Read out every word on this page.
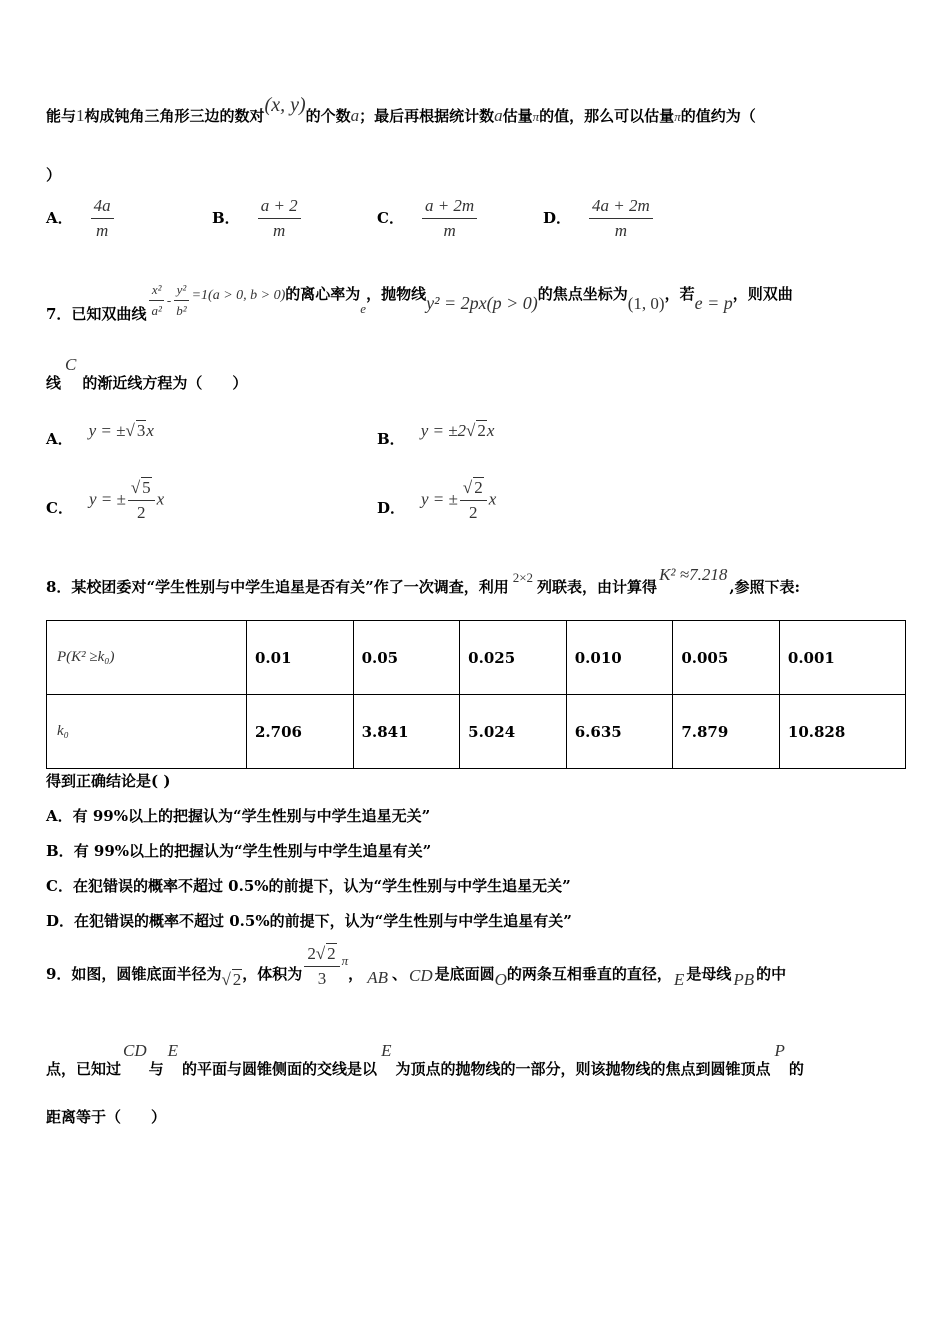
能与1构成钝角三角形三边的数对(x, y)的个数a；最后再根据统计数a估量π的值，那么可以估量π的值约为（
）
A． $\frac{4a}{m}$	B． $\frac{a + 2}{m}$	C． $\frac{a + 2m}{m}$	D． $\frac{4a + 2m}{m}$
7．已知双曲线 $\frac{\text{x²}}{\text{a²}} - \frac{\text{y²}}{\text{b²}} =1(a > 0$, b > 0)的离心率为e，抛物线y² = 2px(p > 0)的焦点坐标为(1, 0)，若e = p，则双曲
线C的渐近线方程为（　　）
A． y = ±√ 3x	B． y = ±2√ 2x
C． y = ± $\frac{√ 5}{2}$ x	D． y = ± $\frac{√ 2}{2}$ x
8．某校团委对“学生性别与中学生追星是否有关”作了一次调查，利用2×2列联表，由计算得K² ≈7.218,参照下表:
P(K² ≥k₀)	0.01	0.05	0.025	0.010	0.005	0.001
k₀	2.706	3.841	5.024	6.635	7.879	10.828
得到正确结论是( )
A．有 99%以上的把握认为“学生性别与中学生追星无关”
B．有 99%以上的把握认为“学生性别与中学生追星有关”
C．在犯错误的概率不超过 0.5%的前提下，认为“学生性别与中学生追星无关”
D．在犯错误的概率不超过 0.5%的前提下，认为“学生性别与中学生追星有关”
9．如图，圆锥底面半径为√ 2，体积为 $\frac{2√ 2}{3}$ π， AB 、 CD 是底面圆O的两条互相垂直的直径， E 是母线 PB 的中
点，已知过CD与E的平面与圆锥侧面的交线是以E为顶点的抛物线的一部分，则该抛物线的焦点到圆锥顶点P的
距离等于（　　）
